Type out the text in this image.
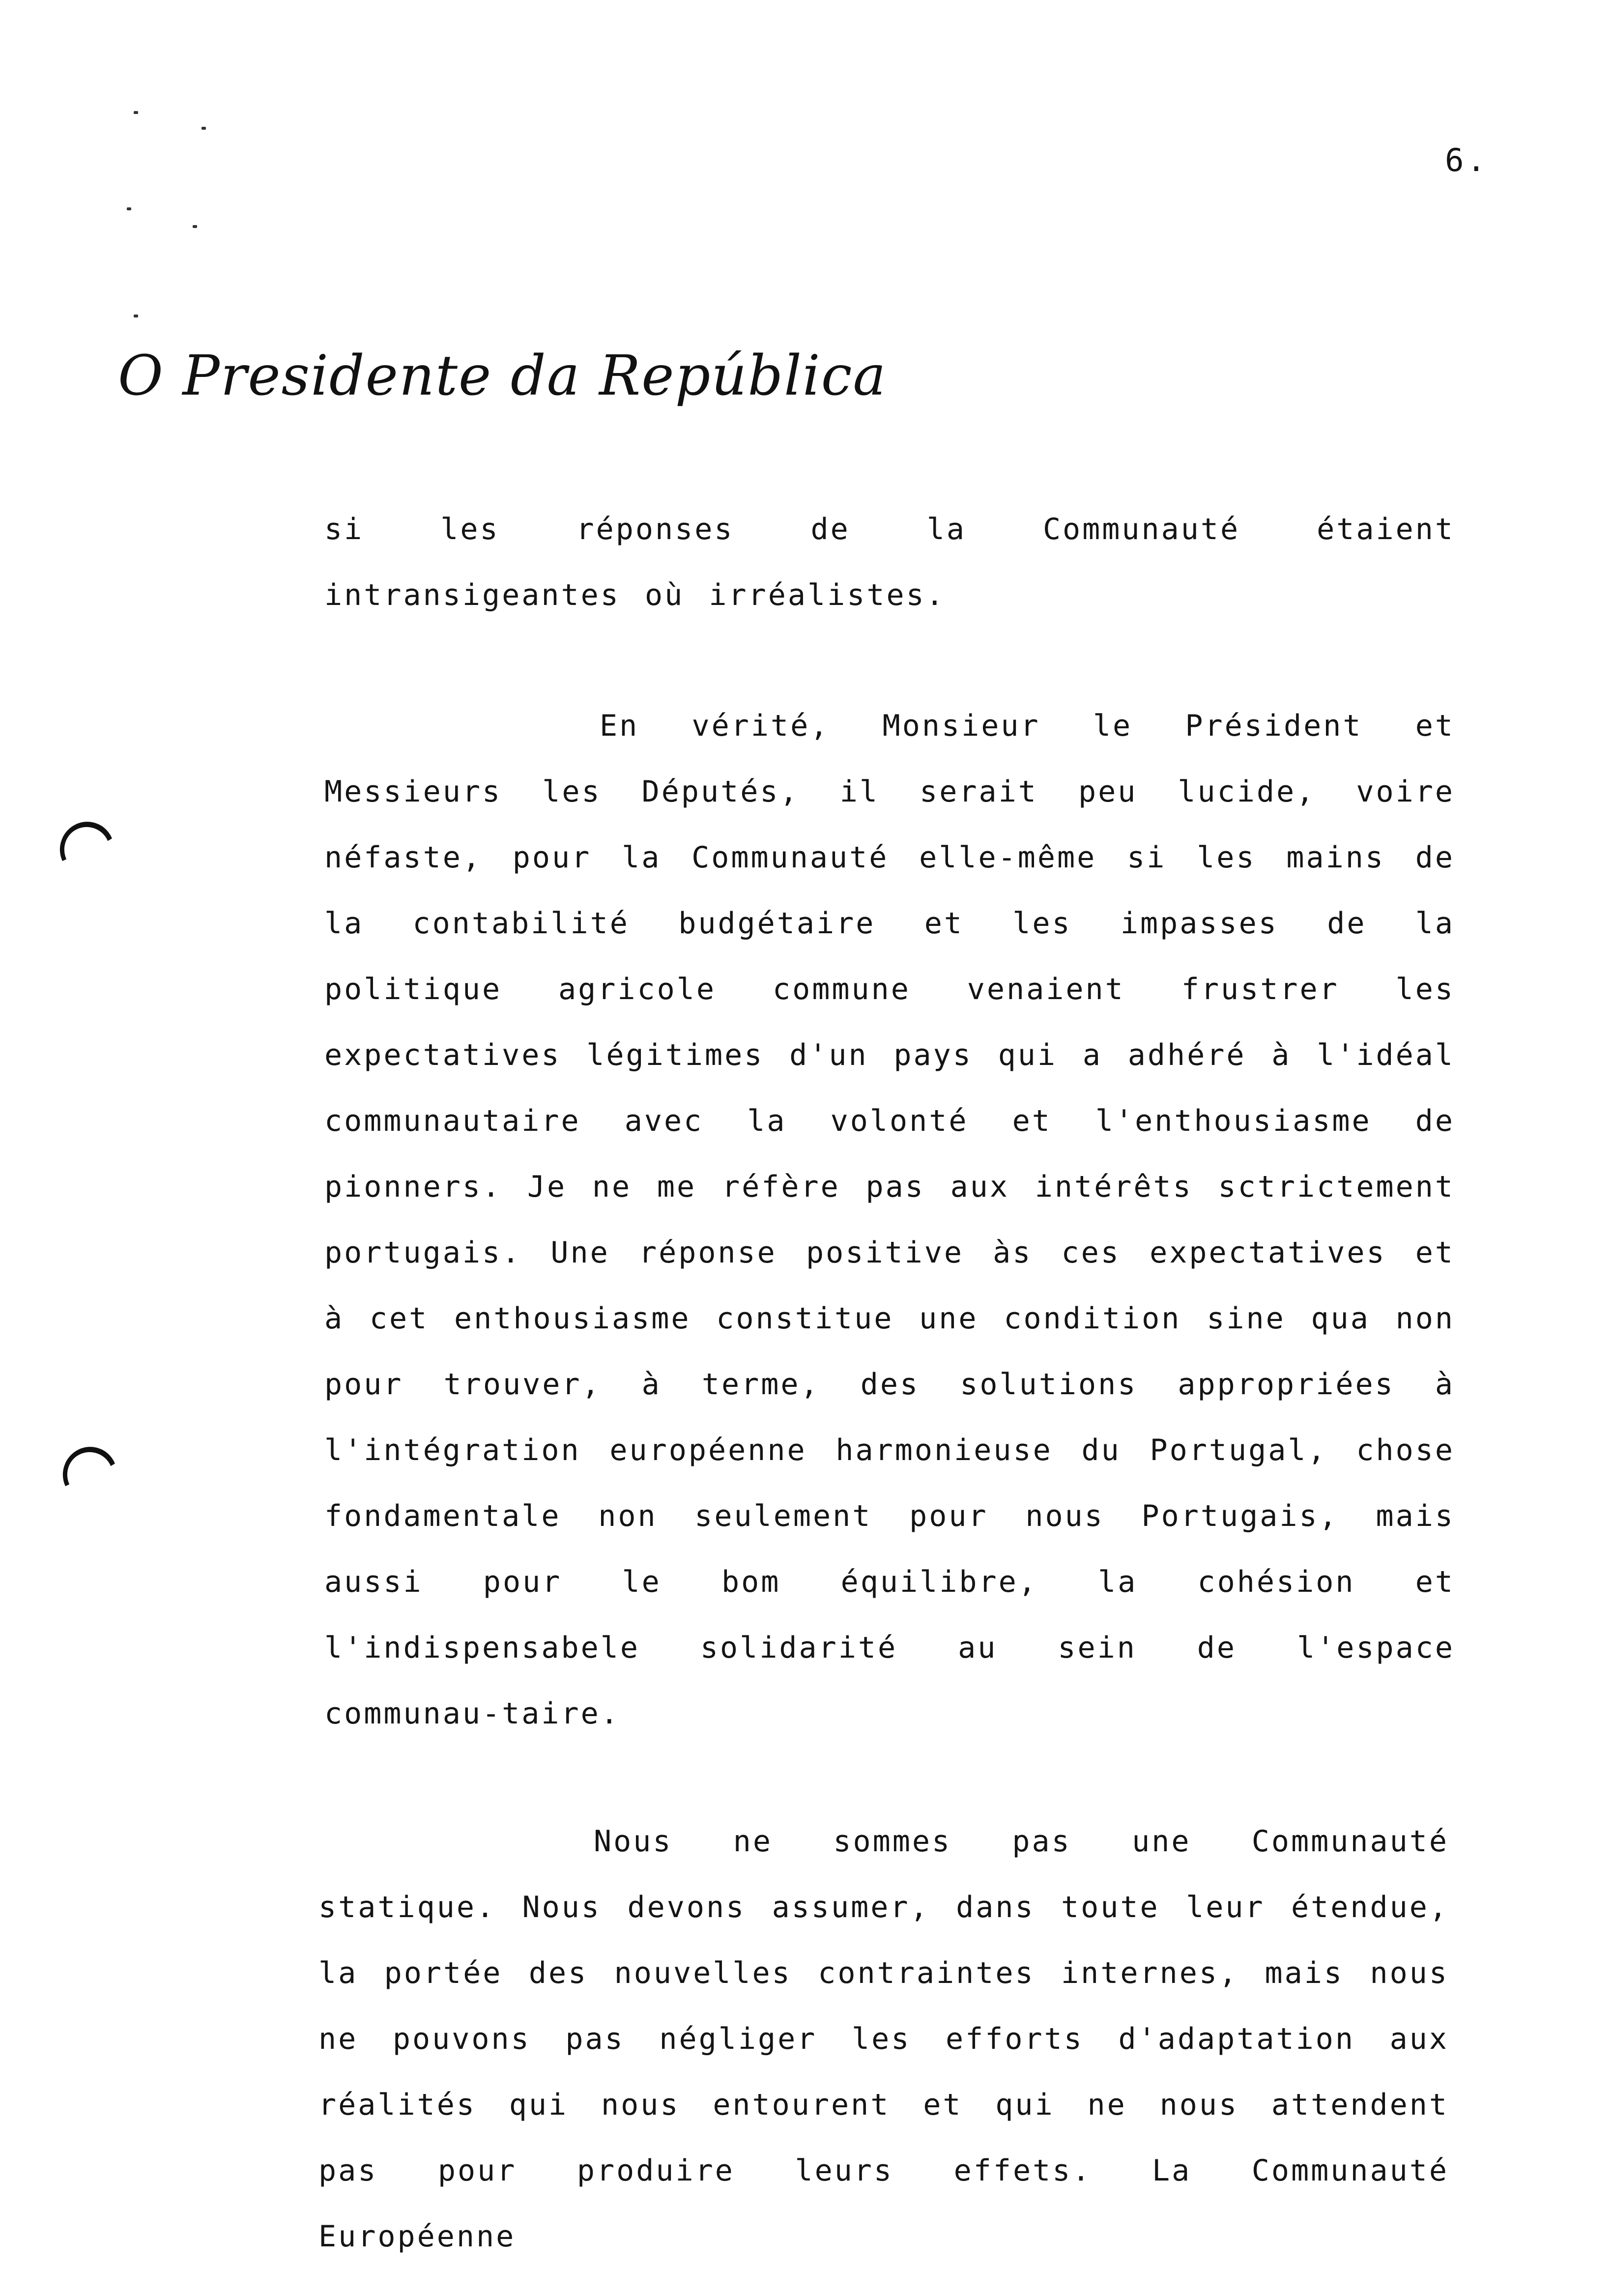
6.
O Presidente da República

si les réponses de la Communauté étaient intransigeantes où irréalistes.

En vérité, Monsieur le Président et Messieurs les Députés, il serait peu lucide, voire néfaste, pour la Communauté elle-même si les mains de la contabilité budgétaire et les impasses de la politique agricole commune venaient frustrer les expectatives légitimes d'un pays qui a adhéré à l'idéal communautaire avec la volonté et l'enthousiasme de pionners. Je ne me réfère pas aux intérêts sctrictement portugais. Une réponse positive às ces expectatives et à cet enthousiasme constitue une condition sine qua non pour trouver, à terme, des solutions appropriées à l'intégration européenne harmonieuse du Portugal, chose fondamentale non seulement pour nous Portugais, mais aussi pour le bom équilibre, la cohésion et l'indispensabele solidarité au sein de l'espace communau-taire.

Nous ne sommes pas une Communauté statique. Nous devons assumer, dans toute leur étendue, la portée des nouvelles contraintes internes, mais nous ne pouvons pas négliger les efforts d'adaptation aux réalités qui nous entourent et qui ne nous attendent pas pour produire leurs effets. La Communauté Européenne
